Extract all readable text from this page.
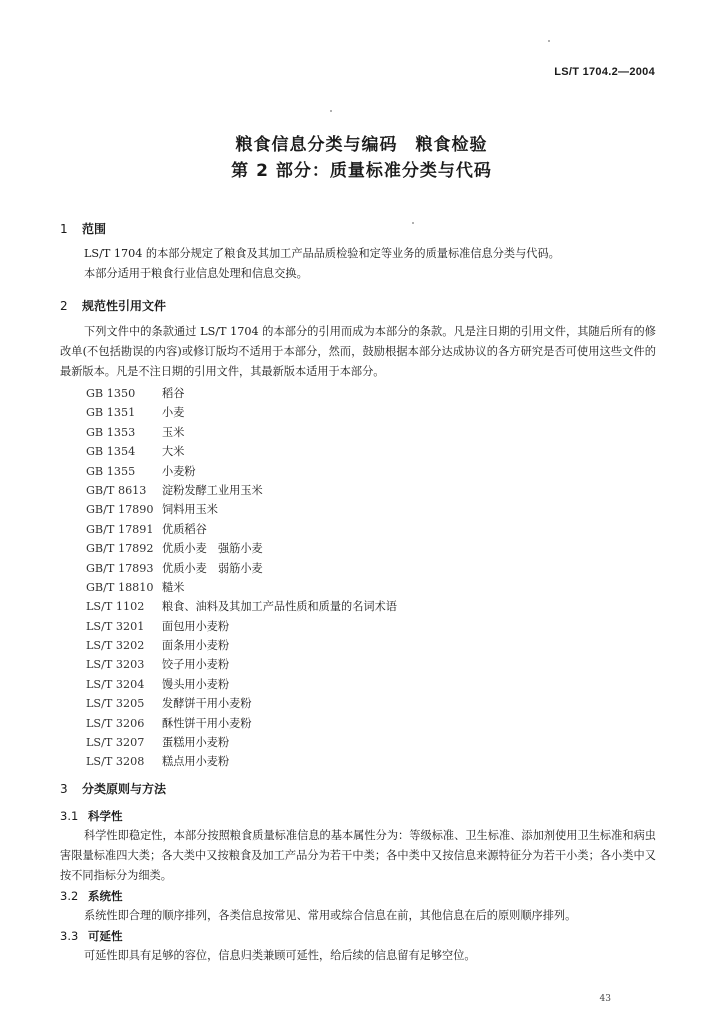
LS/T 1704.2—2004
粮食信息分类与编码　粮食检验
第 2 部分：质量标准分类与代码
1 范围
LS/T 1704 的本部分规定了粮食及其加工产品品质检验和定等业务的质量标准信息分类与代码。
本部分适用于粮食行业信息处理和信息交换。
2 规范性引用文件
下列文件中的条款通过 LS/T 1704 的本部分的引用而成为本部分的条款。凡是注日期的引用文件，其随后所有的修改单(不包括勘误的内容)或修订版均不适用于本部分，然而，鼓励根据本部分达成协议的各方研究是否可使用这些文件的最新版本。凡是不注日期的引用文件，其最新版本适用于本部分。
GB 1350 稻谷
GB 1351 小麦
GB 1353 玉米
GB 1354 大米
GB 1355 小麦粉
GB/T 8613 淀粉发酵工业用玉米
GB/T 17890 饲料用玉米
GB/T 17891 优质稻谷
GB/T 17892 优质小麦　强筋小麦
GB/T 17893 优质小麦　弱筋小麦
GB/T 18810 糙米
LS/T 1102 粮食、油料及其加工产品性质和质量的名词术语
LS/T 3201 面包用小麦粉
LS/T 3202 面条用小麦粉
LS/T 3203 饺子用小麦粉
LS/T 3204 馒头用小麦粉
LS/T 3205 发酵饼干用小麦粉
LS/T 3206 酥性饼干用小麦粉
LS/T 3207 蛋糕用小麦粉
LS/T 3208 糕点用小麦粉
3 分类原则与方法
3.1 科学性
科学性即稳定性，本部分按照粮食质量标准信息的基本属性分为：等级标准、卫生标准、添加剂使用卫生标准和病虫害限量标准四大类；各大类中又按粮食及加工产品分为若干中类；各中类中又按信息来源特征分为若干小类；各小类中又按不同指标分为细类。
3.2 系统性
系统性即合理的顺序排列，各类信息按常见、常用或综合信息在前，其他信息在后的原则顺序排列。
3.3 可延性
可延性即具有足够的容位，信息归类兼顾可延性，给后续的信息留有足够空位。
43
